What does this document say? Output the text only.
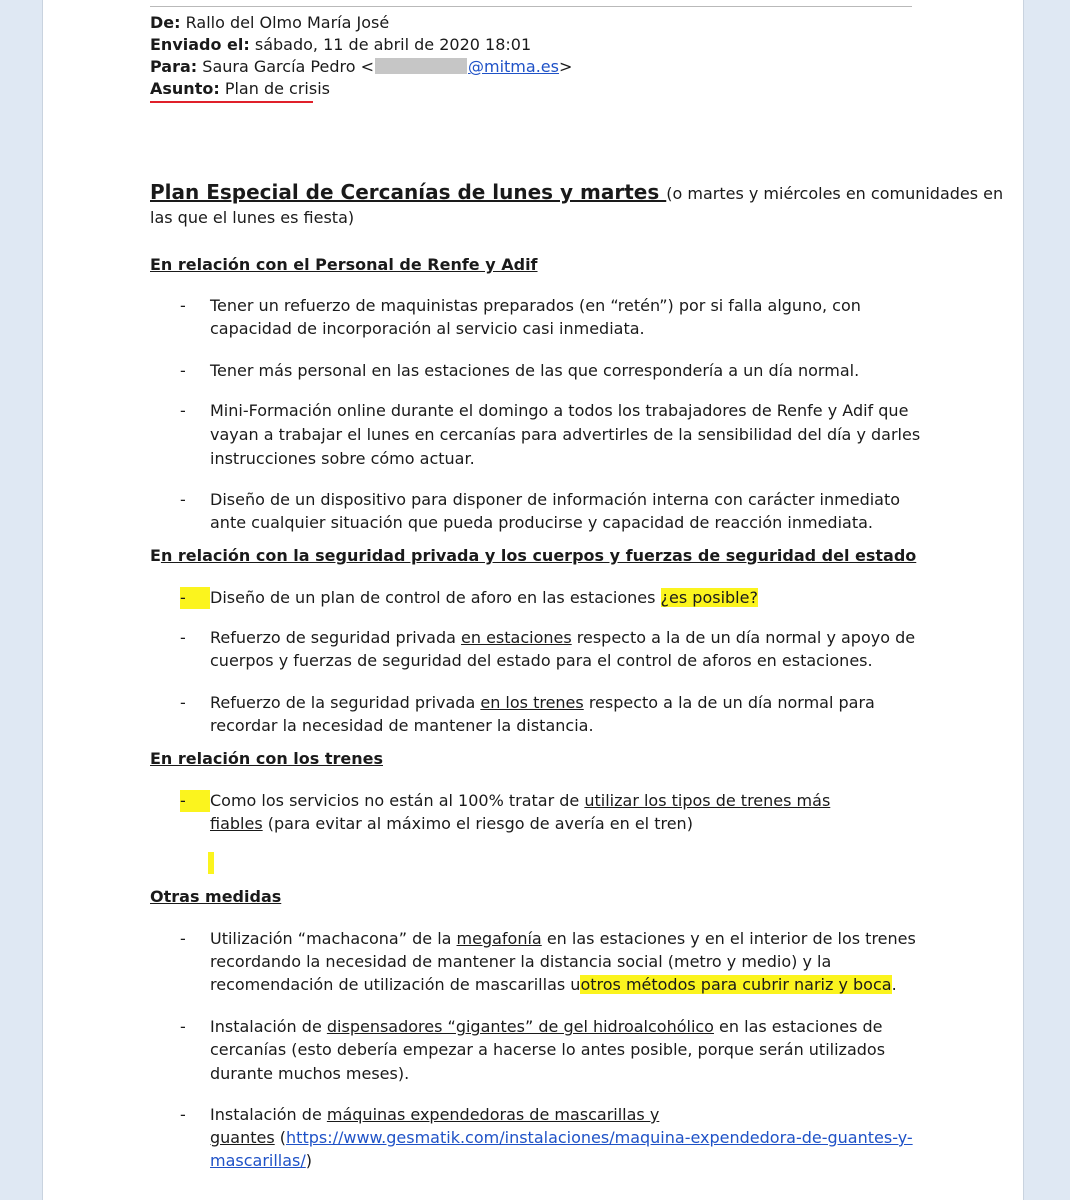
De: Rallo del Olmo María José
Enviado el: sábado, 11 de abril de 2020 18:01
Para: Saura García Pedro <	@mitma.es>
Asunto: Plan de crisis
Plan Especial de Cercanías de lunes y martes (o martes y miércoles en comunidades en
las que el lunes es fiesta)
En relación con el Personal de Renfe y Adif
- Tener un refuerzo de maquinistas preparados (en “retén”) por si falla alguno, con
capacidad de incorporación al servicio casi inmediata.
- Tener más personal en las estaciones de las que correspondería a un día normal.
- Mini-Formación online durante el domingo a todos los trabajadores de Renfe y Adif que
vayan a trabajar el lunes en cercanías para advertirles de la sensibilidad del día y darles
instrucciones sobre cómo actuar.
- Diseño de un dispositivo para disponer de información interna con carácter inmediato
ante cualquier situación que pueda producirse y capacidad de reacción inmediata.
En relación con la seguridad privada y los cuerpos y fuerzas de seguridad del estado
- Diseño de un plan de control de aforo en las estaciones ¿es posible?
- Refuerzo de seguridad privada en estaciones respecto a la de un día normal y apoyo de
cuerpos y fuerzas de seguridad del estado para el control de aforos en estaciones.
- Refuerzo de la seguridad privada en los trenes respecto a la de un día normal para
recordar la necesidad de mantener la distancia.
En relación con los trenes
- Como los servicios no están al 100% tratar de utilizar los tipos de trenes más
fiables (para evitar al máximo el riesgo de avería en el tren)
Otras medidas
- Utilización “machacona” de la megafonía en las estaciones y en el interior de los trenes
recordando la necesidad de mantener la distancia social (metro y medio) y la
recomendación de utilización de mascarillas uotros métodos para cubrir nariz y boca.
- Instalación de dispensadores “gigantes” de gel hidroalcohólico en las estaciones de
cercanías (esto debería empezar a hacerse lo antes posible, porque serán utilizados
durante muchos meses).
- Instalación de máquinas expendedoras de mascarillas y
guantes (https://www.gesmatik.com/instalaciones/maquina-expendedora-de-guantes-y-
mascarillas/)
